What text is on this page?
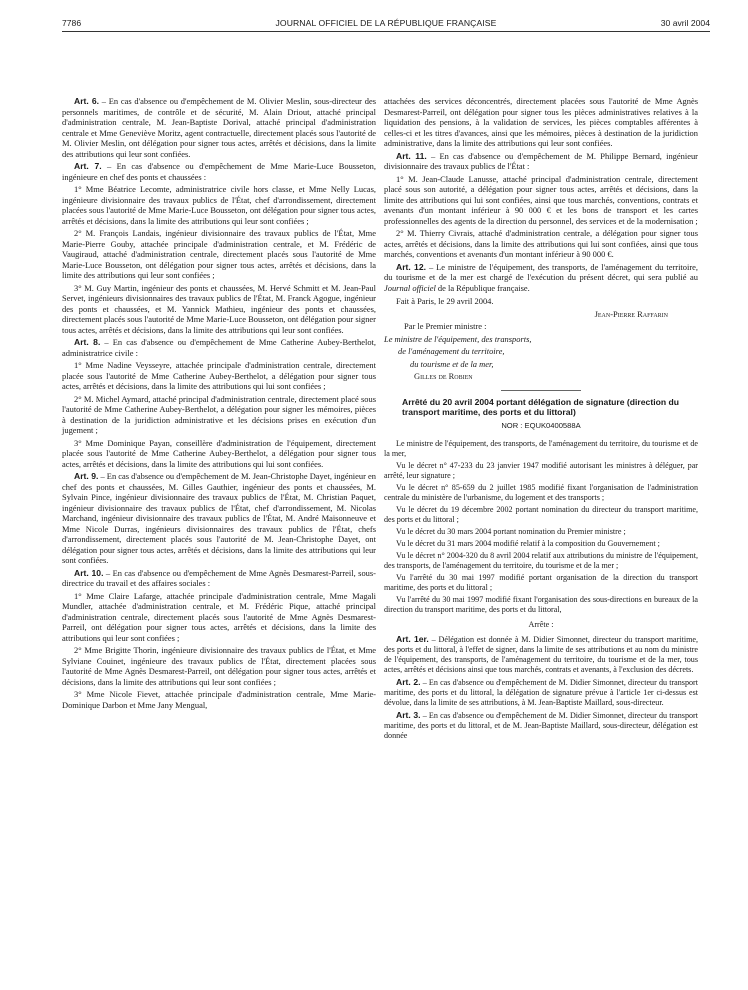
7786	JOURNAL OFFICIEL DE LA RÉPUBLIQUE FRANÇAISE	30 avril 2004

Art. 6. – En cas d'absence ou d'empêchement de M. Olivier Meslin, sous-directeur des personnels maritimes, de contrôle et de sécurité, M. Alain Driout, attaché principal d'administration centrale, M. Jean-Baptiste Dorival, attaché principal d'administration centrale et Mme Geneviève Moritz, agent contractuelle, directement placés sous l'autorité de M. Olivier Meslin, ont délégation pour signer tous actes, arrêtés et décisions, dans la limite des attributions qui leur sont confiées.

Art. 7. – En cas d'absence ou d'empêchement de Mme Marie-Luce Bousseton, ingénieure en chef des ponts et chaussées :

1° Mme Béatrice Lecomte, administratrice civile hors classe, et Mme Nelly Lucas, ingénieure divisionnaire des travaux publics de l'État, chef d'arrondissement, directement placées sous l'autorité de Mme Marie-Luce Bousseton, ont délégation pour signer tous actes, arrêtés et décisions, dans la limite des attributions qui leur sont confiées ;

2° M. François Landais, ingénieur divisionnaire des travaux publics de l'État, Mme Marie-Pierre Gouby, attachée principale d'administration centrale, et M. Frédéric de Vaugiraud, attaché d'administration centrale, directement placés sous l'autorité de Mme Marie-Luce Bousseton, ont délégation pour signer tous actes, arrêtés et décisions, dans la limite des attributions qui leur sont confiées ;

3° M. Guy Martin, ingénieur des ponts et chaussées, M. Hervé Schmitt et M. Jean-Paul Servet, ingénieurs divisionnaires des travaux publics de l'État, M. Franck Agogue, ingénieur des ponts et chaussées, et M. Yannick Mathieu, ingénieur des ponts et chaussées, directement placés sous l'autorité de Mme Marie-Luce Bousseton, ont délégation pour signer tous actes, arrêtés et décisions, dans la limite des attributions qui leur sont confiées.

Art. 8. – En cas d'absence ou d'empêchement de Mme Catherine Aubey-Berthelot, administratrice civile :

1° Mme Nadine Veysseyre, attachée principale d'administration centrale, directement placée sous l'autorité de Mme Catherine Aubey-Berthelot, a délégation pour signer tous actes, arrêtés et décisions, dans la limite des attributions qui lui sont confiées ;

2° M. Michel Aymard, attaché principal d'administration centrale, directement placé sous l'autorité de Mme Catherine Aubey-Berthelot, a délégation pour signer les mémoires, pièces à destination de la juridiction administrative et les décisions prises en exécution d'un jugement ;

3° Mme Dominique Payan, conseillère d'administration de l'équipement, directement placée sous l'autorité de Mme Catherine Aubey-Berthelot, a délégation pour signer tous actes, arrêtés et décisions, dans la limite des attributions qui lui sont confiées.

Art. 9. – En cas d'absence ou d'empêchement de M. Jean-Christophe Dayet, ingénieur en chef des ponts et chaussées, M. Gilles Gauthier, ingénieur des ponts et chaussées, M. Sylvain Pince, ingénieur divisionnaire des travaux publics de l'État, M. Christian Paquet, ingénieur divisionnaire des travaux publics de l'État, chef d'arrondissement, M. Nicolas Marchand, ingénieur divisionnaire des travaux publics de l'État, M. André Maisonneuve et Mme Nicole Durras, ingénieurs divisionnaires des travaux publics de l'État, chefs d'arrondissement, directement placés sous l'autorité de M. Jean-Christophe Dayet, ont délégation pour signer tous actes, arrêtés et décisions, dans la limite des attributions qui leur sont confiées.

Art. 10. – En cas d'absence ou d'empêchement de Mme Agnès Desmarest-Parreil, sous-directrice du travail et des affaires sociales :

1° Mme Claire Lafarge, attachée principale d'administration centrale, Mme Magali Mundler, attachée d'administration centrale, et M. Frédéric Pique, attaché principal d'administration centrale, directement placés sous l'autorité de Mme Agnès Desmarest-Parreil, ont délégation pour signer tous actes, arrêtés et décisions, dans la limite des attributions qui leur sont confiées ;

2° Mme Brigitte Thorin, ingénieure divisionnaire des travaux publics de l'État, et Mme Sylviane Couinet, ingénieure des travaux publics de l'État, directement placées sous l'autorité de Mme Agnès Desmarest-Parreil, ont délégation pour signer tous actes, arrêtés et décisions, dans la limite des attributions qui leur sont confiées ;

3° Mme Nicole Fievet, attachée principale d'administration centrale, Mme Marie-Dominique Darbon et Mme Jany Mengual,

attachées des services déconcentrés, directement placées sous l'autorité de Mme Agnès Desmarest-Parreil, ont délégation pour signer tous les pièces administratives relatives à la liquidation des pensions, à la validation de services, les pièces comptables afférentes à celles-ci et les titres d'avances, ainsi que les mémoires, pièces à destination de la juridiction administrative, dans la limite des attributions qui leur sont confiées.

Art. 11. – En cas d'absence ou d'empêchement de M. Philippe Bernard, ingénieur divisionnaire des travaux publics de l'État :

1° M. Jean-Claude Lanusse, attaché principal d'administration centrale, directement placé sous son autorité, a délégation pour signer tous actes, arrêtés et décisions, dans la limite des attributions qui lui sont confiées, ainsi que tous marchés, conventions, contrats et avenants d'un montant inférieur à 90 000 € et les bons de transport et les cartes professionnelles des agents de la direction du personnel, des services et de la modernisation ;

2° M. Thierry Civrais, attaché d'administration centrale, a délégation pour signer tous actes, arrêtés et décisions, dans la limite des attributions qui lui sont confiées, ainsi que tous marchés, conventions et avenants d'un montant inférieur à 90 000 €.

Art. 12. – Le ministre de l'équipement, des transports, de l'aménagement du territoire, du tourisme et de la mer est chargé de l'exécution du présent décret, qui sera publié au Journal officiel de la République française.

Fait à Paris, le 29 avril 2004.

Jean-Pierre Raffarin

Par le Premier ministre :

Le ministre de l'équipement, des transports,

de l'aménagement du territoire,

du tourisme et de la mer,

Gilles de Robien

Arrêté du 20 avril 2004 portant délégation de signature (direction du transport maritime, des ports et du littoral)

NOR : EQUK0400588A

Le ministre de l'équipement, des transports, de l'aménagement du territoire, du tourisme et de la mer,

Vu le décret n° 47-233 du 23 janvier 1947 modifié autorisant les ministres à déléguer, par arrêté, leur signature ;

Vu le décret n° 85-659 du 2 juillet 1985 modifié fixant l'organisation de l'administration centrale du ministère de l'urbanisme, du logement et des transports ;

Vu le décret du 19 décembre 2002 portant nomination du directeur du transport maritime, des ports et du littoral ;

Vu le décret du 30 mars 2004 portant nomination du Premier ministre ;

Vu le décret du 31 mars 2004 modifié relatif à la composition du Gouvernement ;

Vu le décret n° 2004-320 du 8 avril 2004 relatif aux attributions du ministre de l'équipement, des transports, de l'aménagement du territoire, du tourisme et de la mer ;

Vu l'arrêté du 30 mai 1997 modifié portant organisation de la direction du transport maritime, des ports et du littoral ;

Vu l'arrêté du 30 mai 1997 modifié fixant l'organisation des sous-directions en bureaux de la direction du transport maritime, des ports et du littoral,

Arrête :

Art. 1er. – Délégation est donnée à M. Didier Simonnet, directeur du transport maritime, des ports et du littoral, à l'effet de signer, dans la limite de ses attributions et au nom du ministre de l'équipement, des transports, de l'aménagement du territoire, du tourisme et de la mer, tous actes, arrêtés et décisions ainsi que tous marchés, contrats et avenants, à l'exclusion des décrets.

Art. 2. – En cas d'absence ou d'empêchement de M. Didier Simonnet, directeur du transport maritime, des ports et du littoral, la délégation de signature prévue à l'article 1er ci-dessus est dévolue, dans la limite de ses attributions, à M. Jean-Baptiste Maillard, sous-directeur.

Art. 3. – En cas d'absence ou d'empêchement de M. Didier Simonnet, directeur du transport maritime, des ports et du littoral, et de M. Jean-Baptiste Maillard, sous-directeur, délégation est donnée
